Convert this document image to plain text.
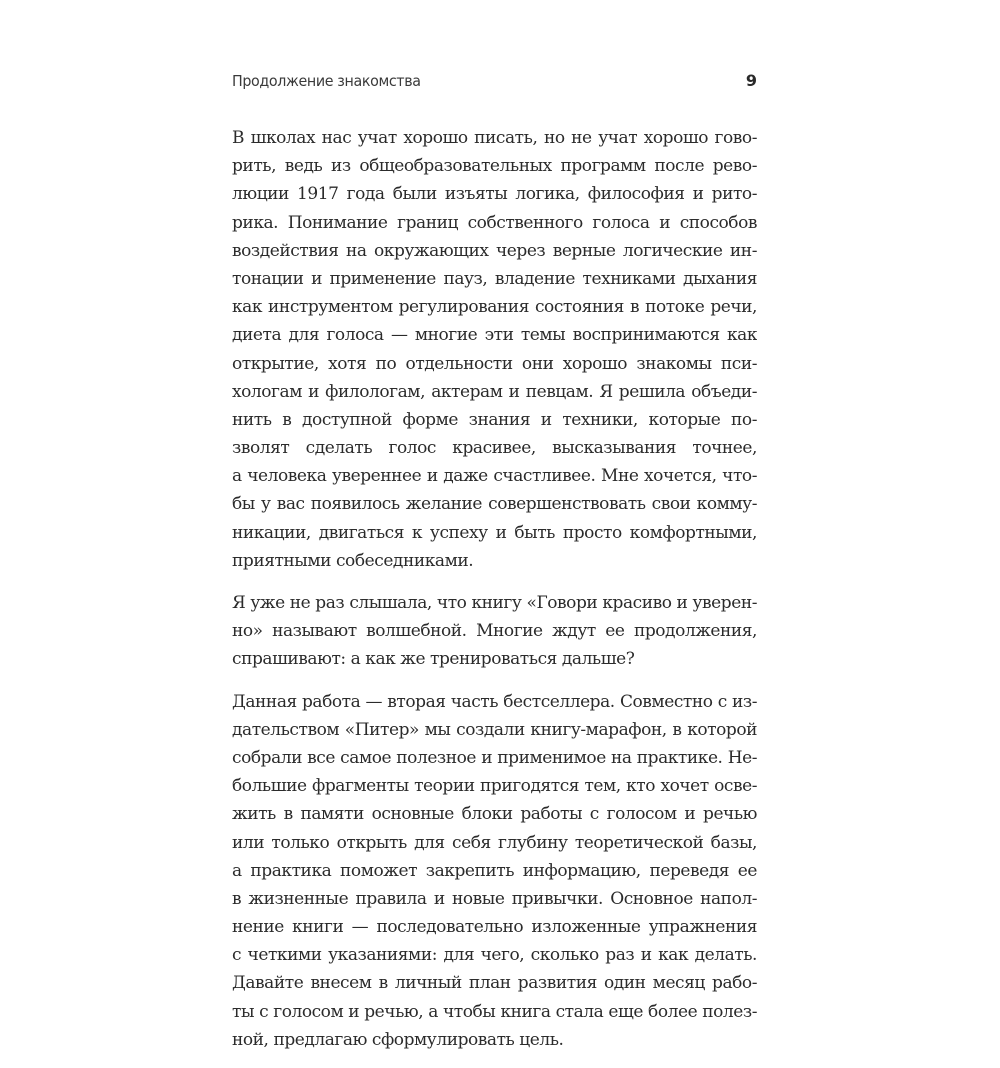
Продолжение знакомства	9
В школах нас учат хорошо писать, но не учат хорошо гово-
рить, ведь из общеобразовательных программ после рево-
люции 1917 года были изъяты логика, философия и рито-
рика. Понимание границ собственного голоса и способов
воздействия на окружающих через верные логические ин-
тонации и применение пауз, владение техниками дыхания
как инструментом регулирования состояния в потоке речи,
диета для голоса — многие эти темы воспринимаются как
открытие, хотя по отдельности они хорошо знакомы пси-
хологам и филологам, актерам и певцам. Я решила объеди-
нить в доступной форме знания и техники, которые по-
зволят сделать голос красивее, высказывания точнее,
а человека увереннее и даже счастливее. Мне хочется, что-
бы у вас появилось желание совершенствовать свои комму-
никации, двигаться к успеху и быть просто комфортными,
приятными собеседниками.
Я уже не раз слышала, что книгу «Говори красиво и уверен-
но» называют волшебной. Многие ждут ее продолжения,
спрашивают: а как же тренироваться дальше?
Данная работа — вторая часть бестселлера. Совместно с из-
дательством «Питер» мы создали книгу-марафон, в которой
собрали все самое полезное и применимое на практике. Не-
большие фрагменты теории пригодятся тем, кто хочет осве-
жить в памяти основные блоки работы с голосом и речью
или только открыть для себя глубину теоретической базы,
а практика поможет закрепить информацию, переведя ее
в жизненные правила и новые привычки. Основное напол-
нение книги — последовательно изложенные упражнения
с четкими указаниями: для чего, сколько раз и как делать.
Давайте внесем в личный план развития один месяц рабо-
ты с голосом и речью, а чтобы книга стала еще более полез-
ной, предлагаю сформулировать цель.
